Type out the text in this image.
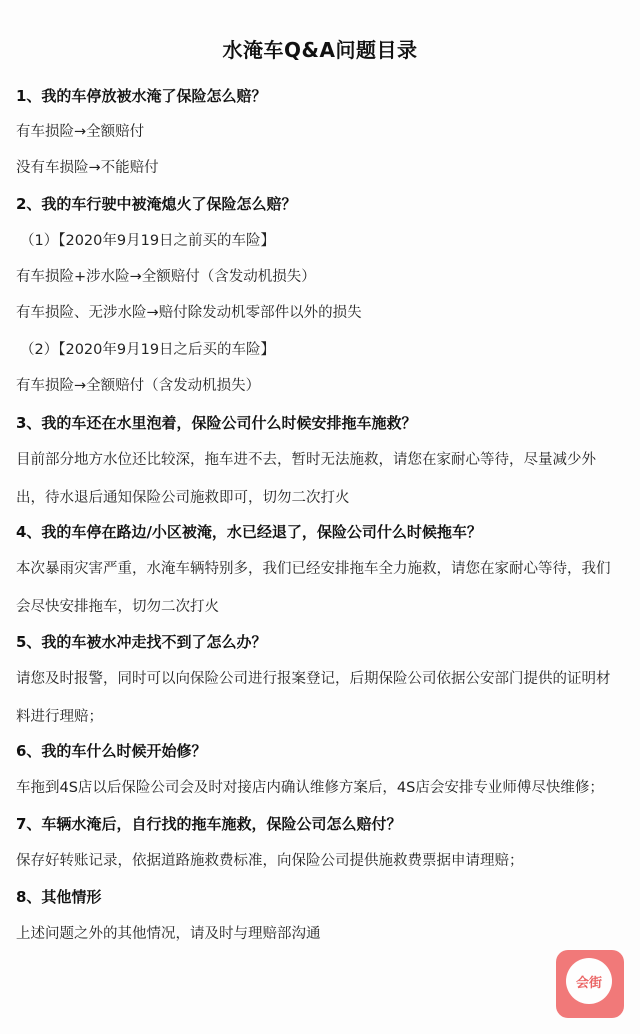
水淹车Q&A问题目录
1、我的车停放被水淹了保险怎么赔？
有车损险→全额赔付
没有车损险→不能赔付
2、我的车行驶中被淹熄火了保险怎么赔？
（1）【2020年9月19日之前买的车险】
有车损险+涉水险→全额赔付（含发动机损失）
有车损险、无涉水险→赔付除发动机零部件以外的损失
（2）【2020年9月19日之后买的车险】
有车损险→全额赔付（含发动机损失）
3、我的车还在水里泡着，保险公司什么时候安排拖车施救？
目前部分地方水位还比较深，拖车进不去，暂时无法施救，请您在家耐心等待，尽量减少外出，待水退后通知保险公司施救即可，切勿二次打火
4、我的车停在路边/小区被淹，水已经退了，保险公司什么时候拖车？
本次暴雨灾害严重，水淹车辆特别多，我们已经安排拖车全力施救，请您在家耐心等待，我们会尽快安排拖车，切勿二次打火
5、我的车被水冲走找不到了怎么办？
请您及时报警，同时可以向保险公司进行报案登记，后期保险公司依据公安部门提供的证明材料进行理赔；
6、我的车什么时候开始修？
车拖到4S店以后保险公司会及时对接店内确认维修方案后，4S店会安排专业师傅尽快维修；
7、车辆水淹后，自行找的拖车施救，保险公司怎么赔付？
保存好转账记录，依据道路施救费标准，向保险公司提供施救费票据申请理赔；
8、其他情形
上述问题之外的其他情况，请及时与理赔部沟通
会街
